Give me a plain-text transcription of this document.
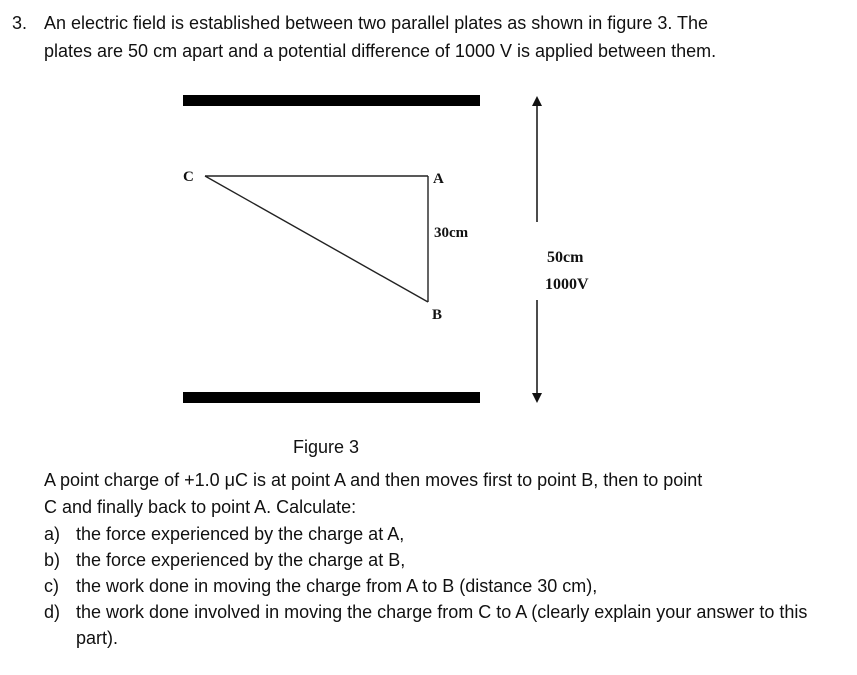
3. An electric field is established between two parallel plates as shown in figure 3. The
plates are 50 cm apart and a potential difference of 1000 V is applied between them.
C	A
30cm
B
50cm
1000V
Figure 3
A point charge of +1.0 μC is at point A and then moves first to point B, then to point
C and finally back to point A. Calculate:
a) the force experienced by the charge at A,
b) the force experienced by the charge at B,
c) the work done in moving the charge from A to B (distance 30 cm),
d) the work done involved in moving the charge from C to A (clearly explain your answer to this part).
